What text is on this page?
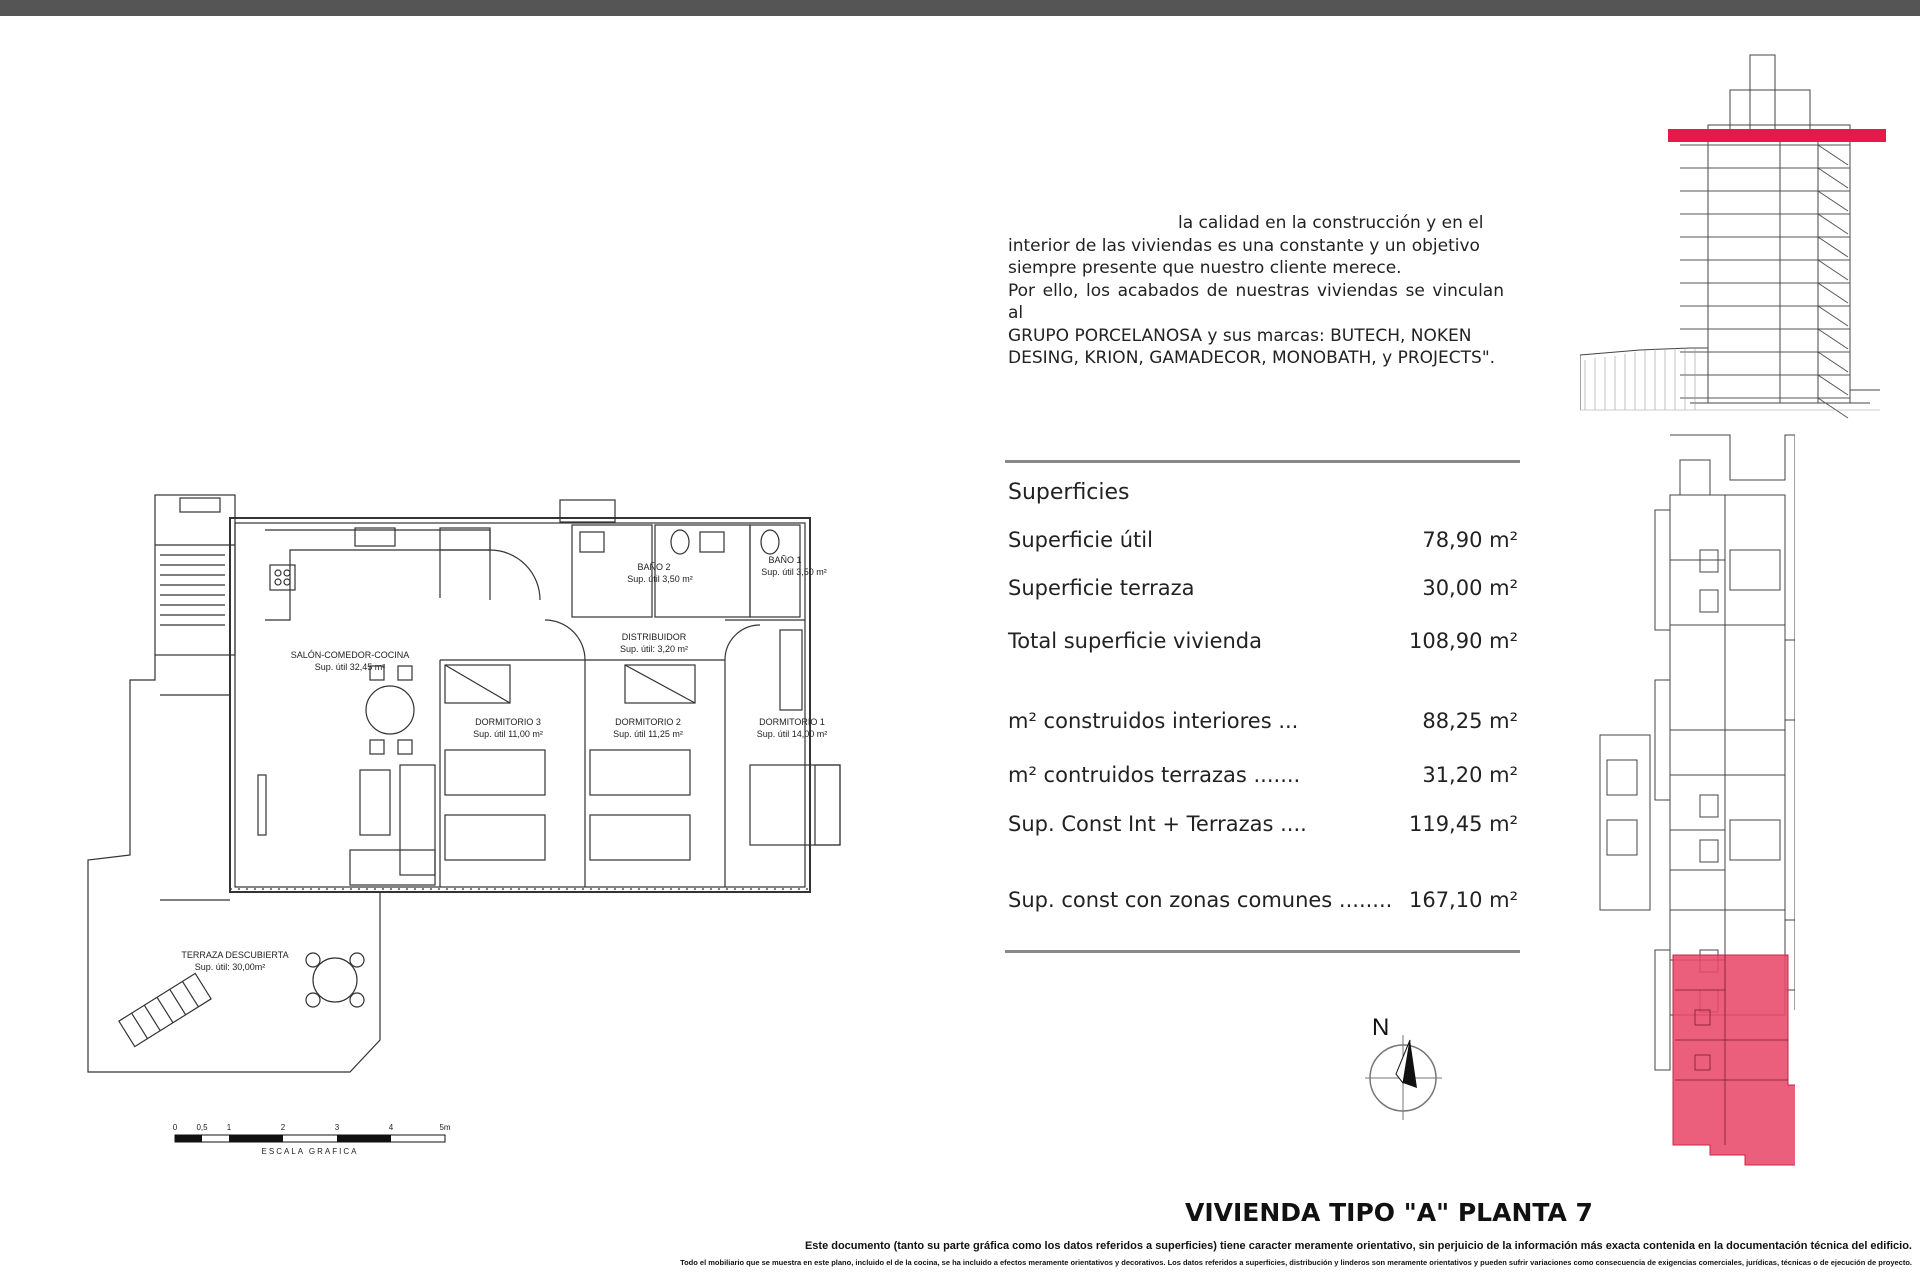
SALÓN-COMEDOR-COCINA
Sup. útil 32,45 m²
BAÑO 2
Sup. útil 3,50 m²
BAÑO 1
Sup. útil 3,50 m²
DISTRIBUIDOR
Sup. útil: 3,20 m²
DORMITORIO 3
Sup. útil 11,00 m²
DORMITORIO 2
Sup. útil 11,25 m²
DORMITORIO 1
Sup. útil 14,00 m²
TERRAZA DESCUBIERTA
Sup. útil: 30,00m²
0 0,5 1	2	3	4	5m
ESCALA GRAFICA

la calidad en la construcción y en el

interior de las viviendas es una constante y un objetivo

siempre presente que nuestro cliente merece.

Por ello, los acabados de nuestras viviendas se vinculan al

GRUPO PORCELANOSA y sus marcas: BUTECH, NOKEN

DESING, KRION, GAMADECOR, MONOBATH, y PROJECTS".

Superficies
Superficie útil	78,90 m²
Superficie terraza	30,00 m²
Total superficie vivienda	108,90 m²
m² construidos interiores ...	88,25 m²
m² contruidos terrazas .......	31,20 m²
Sup. Const Int + Terrazas ....	119,45 m²
Sup. const con zonas comunes ........ 167,10 m²
N
VIVIENDA TIPO "A" PLANTA 7
Este documento (tanto su parte gráfica como los datos referidos a superficies) tiene caracter meramente orientativo, sin perjuicio de la información más exacta contenida en la documentación técnica del edificio.
Todo el mobiliario que se muestra en este plano, incluido el de la cocina, se ha incluido a efectos meramente orientativos y decorativos. Los datos referidos a superficies, distribución y linderos son meramente orientativos y pueden sufrir variaciones como consecuencia de exigencias comerciales, jurídicas, técnicas o de ejecución de proyecto.
